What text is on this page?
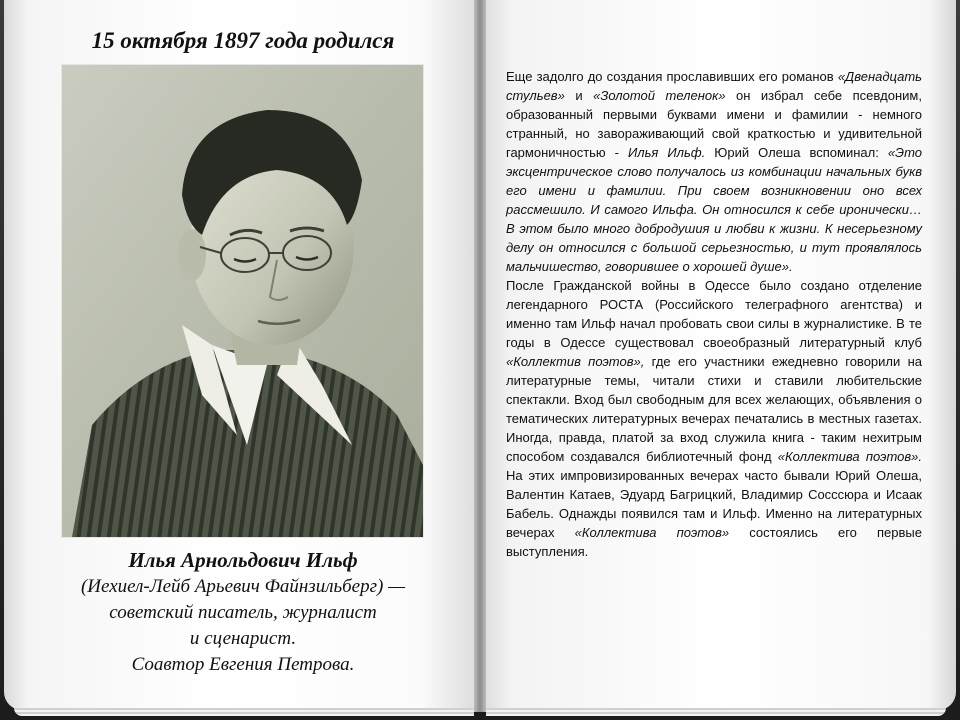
15 октября 1897 года родился
Илья Арнольдович Ильф
(Иехиел-Лейб Арьевич Файнзильберг) —
советский писатель, журналист
и сценарист.
Соавтор Евгения Петрова.

Еще задолго до создания прославивших его романов «Двенадцать стульев» и «Золотой теленок» он избрал себе псевдоним, образованный первыми буквами имени и фамилии - немного странный, но завораживающий свой краткостью и удивительной гармоничностью - Илья Ильф. Юрий Олеша вспоминал: «Это эксцентрическое слово получалось из комбинации начальных букв его имени и фамилии. При своем возникновении оно всех рассмешило. И самого Ильфа. Он относился к себе иронически… В этом было много добродушия и любви к жизни. К несерьезному делу он относился с большой серьезностью, и тут проявлялось мальчишество, говорившее о хорошей душе».

После Гражданской войны в Одессе было создано отделение легендарного РОСТА (Российского телеграфного агентства) и именно там Ильф начал пробовать свои силы в журналистике. В те годы в Одессе существовал своеобразный литературный клуб «Коллектив поэтов», где его участники ежедневно говорили на литературные темы, читали стихи и ставили любительские спектакли. Вход был свободным для всех желающих, объявления о тематических литературных вечерах печатались в местных газетах. Иногда, правда, платой за вход служила книга - таким нехитрым способом создавался библиотечный фонд «Коллектива поэтов». На этих импровизированных вечерах часто бывали Юрий Олеша, Валентин Катаев, Эдуард Багрицкий, Владимир Сосссюра и Исаак Бабель. Однажды появился там и Ильф. Именно на литературных вечерах «Коллектива поэтов» состоялись его первые выступления.
